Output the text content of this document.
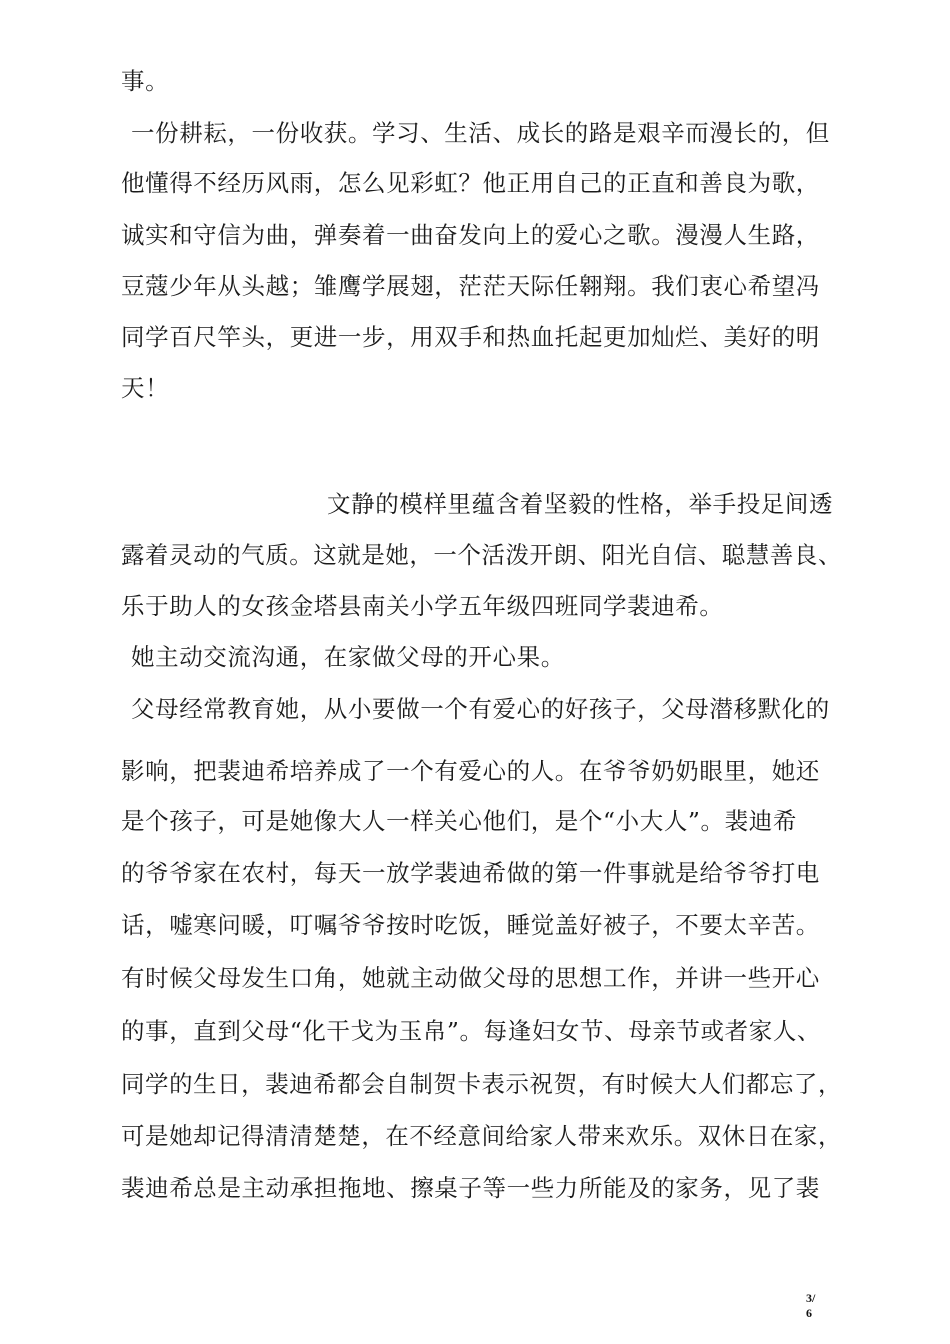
事。
一份耕耘，一份收获。学习、生活、成长的路是艰辛而漫长的，但
他懂得不经历风雨，怎么见彩虹？他正用自己的正直和善良为歌，
诚实和守信为曲，弹奏着一曲奋发向上的爱心之歌。漫漫人生路，
豆蔻少年从头越；雏鹰学展翅，茫茫天际任翱翔。我们衷心希望冯
同学百尺竿头，更进一步，用双手和热血托起更加灿烂、美好的明
天！
文静的模样里蕴含着坚毅的性格，举手投足间透
露着灵动的气质。这就是她，一个活泼开朗、阳光自信、聪慧善良、
乐于助人的女孩金塔县南关小学五年级四班同学裴迪希。
她主动交流沟通，在家做父母的开心果。
父母经常教育她，从小要做一个有爱心的好孩子，父母潜移默化的
影响，把裴迪希培养成了一个有爱心的人。在爷爷奶奶眼里，她还
是个孩子，可是她像大人一样关心他们，是个“小大人”。裴迪希
的爷爷家在农村，每天一放学裴迪希做的第一件事就是给爷爷打电
话，嘘寒问暖，叮嘱爷爷按时吃饭，睡觉盖好被子，不要太辛苦。
有时候父母发生口角，她就主动做父母的思想工作，并讲一些开心
的事，直到父母“化干戈为玉帛”。每逢妇女节、母亲节或者家人、
同学的生日，裴迪希都会自制贺卡表示祝贺，有时候大人们都忘了，
可是她却记得清清楚楚，在不经意间给家人带来欢乐。双休日在家，
裴迪希总是主动承担拖地、擦桌子等一些力所能及的家务，见了裴
3/
6
